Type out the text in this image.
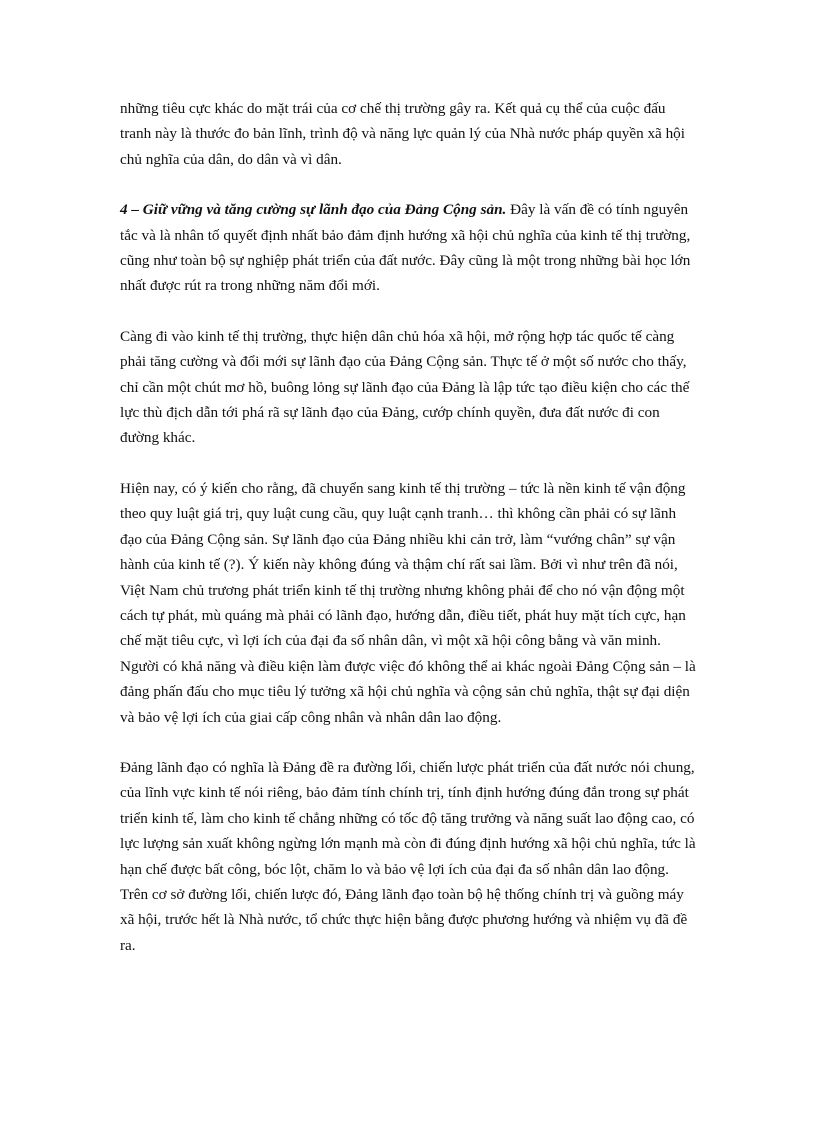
những tiêu cực khác do mặt trái của cơ chế thị trường gây ra. Kết quả cụ thể của cuộc đấu tranh này là thước đo bản lĩnh, trình độ và năng lực quản lý của Nhà nước pháp quyền xã hội chủ nghĩa của dân, do dân và vì dân.

4 – Giữ vững và tăng cường sự lãnh đạo của Đảng Cộng sản. Đây là vấn đề có tính nguyên tắc và là nhân tố quyết định nhất bảo đảm định hướng xã hội chủ nghĩa của kinh tế thị trường, cũng như toàn bộ sự nghiệp phát triển của đất nước. Đây cũng là một trong những bài học lớn nhất được rút ra trong những năm đổi mới.

Càng đi vào kinh tế thị trường, thực hiện dân chủ hóa xã hội, mở rộng hợp tác quốc tế càng phải tăng cường và đổi mới sự lãnh đạo của Đảng Cộng sản. Thực tế ở một số nước cho thấy, chỉ cần một chút mơ hồ, buông lỏng sự lãnh đạo của Đảng là lập tức tạo điều kiện cho các thế lực thù địch dẫn tới phá rã sự lãnh đạo của Đảng, cướp chính quyền, đưa đất nước đi con đường khác.

Hiện nay, có ý kiến cho rằng, đã chuyển sang kinh tế thị trường – tức là nền kinh tế vận động theo quy luật giá trị, quy luật cung cầu, quy luật cạnh tranh… thì không cần phải có sự lãnh đạo của Đảng Cộng sản. Sự lãnh đạo của Đảng nhiều khi cản trở, làm “vướng chân” sự vận hành của kinh tế (?). Ý kiến này không đúng và thậm chí rất sai lầm. Bởi vì như trên đã nói, Việt Nam chủ trương phát triển kinh tế thị trường nhưng không phải để cho nó vận động một cách tự phát, mù quáng mà phải có lãnh đạo, hướng dẫn, điều tiết, phát huy mặt tích cực, hạn chế mặt tiêu cực, vì lợi ích của đại đa số nhân dân, vì một xã hội công bằng và văn minh. Người có khả năng và điều kiện làm được việc đó không thể ai khác ngoài Đảng Cộng sản – là đảng phấn đấu cho mục tiêu lý tưởng xã hội chủ nghĩa và cộng sản chủ nghĩa, thật sự đại diện và bảo vệ lợi ích của giai cấp công nhân và nhân dân lao động.

Đảng lãnh đạo có nghĩa là Đảng đề ra đường lối, chiến lược phát triển của đất nước nói chung, của lĩnh vực kinh tế nói riêng, bảo đảm tính chính trị, tính định hướng đúng đắn trong sự phát triển kinh tế, làm cho kinh tế chẳng những có tốc độ tăng trưởng và năng suất lao động cao, có lực lượng sản xuất không ngừng lớn mạnh mà còn đi đúng định hướng xã hội chủ nghĩa, tức là hạn chế được bất công, bóc lột, chăm lo và bảo vệ lợi ích của đại đa số nhân dân lao động. Trên cơ sở đường lối, chiến lược đó, Đảng lãnh đạo toàn bộ hệ thống chính trị và guồng máy xã hội, trước hết là Nhà nước, tổ chức thực hiện bằng được phương hướng và nhiệm vụ đã đề ra.
